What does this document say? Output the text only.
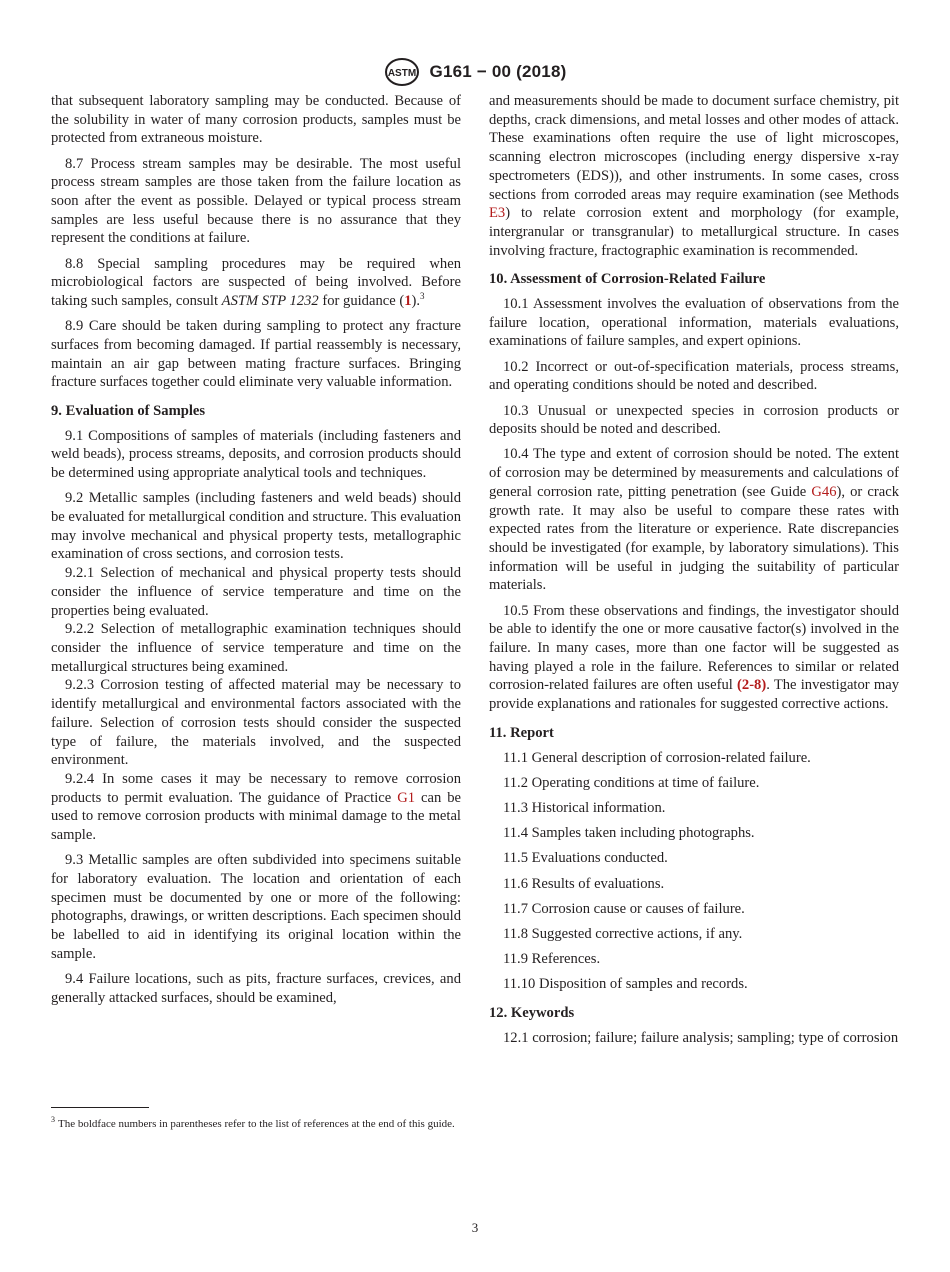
ASTM G161 − 00 (2018)

that subsequent laboratory sampling may be conducted. Because of the solubility in water of many corrosion products, samples must be protected from extraneous moisture.

8.7 Process stream samples may be desirable. The most useful process stream samples are those taken from the failure location as soon after the event as possible. Delayed or typical process stream samples are less useful because there is no assurance that they represent the conditions at failure.

8.8 Special sampling procedures may be required when microbiological factors are suspected of being involved. Before taking such samples, consult ASTM STP 1232 for guidance (1).$^3$

8.9 Care should be taken during sampling to protect any fracture surfaces from becoming damaged. If partial reassembly is necessary, maintain an air gap between mating fracture surfaces. Bringing fracture surfaces together could eliminate very valuable information.

9. Evaluation of Samples

9.1 Compositions of samples of materials (including fasteners and weld beads), process streams, deposits, and corrosion products should be determined using appropriate analytical tools and techniques.

9.2 Metallic samples (including fasteners and weld beads) should be evaluated for metallurgical condition and structure. This evaluation may involve mechanical and physical property tests, metallographic examination of cross sections, and corrosion tests.

9.2.1 Selection of mechanical and physical property tests should consider the influence of service temperature and time on the properties being evaluated.

9.2.2 Selection of metallographic examination techniques should consider the influence of service temperature and time on the metallurgical structures being examined.

9.2.3 Corrosion testing of affected material may be necessary to identify metallurgical and environmental factors associated with the failure. Selection of corrosion tests should consider the suspected type of failure, the materials involved, and the suspected environment.

9.2.4 In some cases it may be necessary to remove corrosion products to permit evaluation. The guidance of Practice G1 can be used to remove corrosion products with minimal damage to the metal sample.

9.3 Metallic samples are often subdivided into specimens suitable for laboratory evaluation. The location and orientation of each specimen must be documented by one or more of the following: photographs, drawings, or written descriptions. Each specimen should be labelled to aid in identifying its original location within the sample.

9.4 Failure locations, such as pits, fracture surfaces, crevices, and generally attacked surfaces, should be examined,

and measurements should be made to document surface chemistry, pit depths, crack dimensions, and metal losses and other modes of attack. These examinations often require the use of light microscopes, scanning electron microscopes (including energy dispersive x-ray spectrometers (EDS)), and other instruments. In some cases, cross sections from corroded areas may require examination (see Methods E3) to relate corrosion extent and morphology (for example, intergranular or transgranular) to metallurgical structure. In cases involving fracture, fractographic examination is recommended.

10. Assessment of Corrosion-Related Failure

10.1 Assessment involves the evaluation of observations from the failure location, operational information, materials evaluations, examinations of failure samples, and expert opinions.

10.2 Incorrect or out-of-specification materials, process streams, and operating conditions should be noted and described.

10.3 Unusual or unexpected species in corrosion products or deposits should be noted and described.

10.4 The type and extent of corrosion should be noted. The extent of corrosion may be determined by measurements and calculations of general corrosion rate, pitting penetration (see Guide G46), or crack growth rate. It may also be useful to compare these rates with expected rates from the literature or experience. Rate discrepancies should be investigated (for example, by laboratory simulations). This information will be useful in judging the suitability of particular materials.

10.5 From these observations and findings, the investigator should be able to identify the one or more causative factor(s) involved in the failure. In many cases, more than one factor will be suggested as having played a role in the failure. References to similar or related corrosion-related failures are often useful (2-8). The investigator may provide explanations and rationales for suggested corrective actions.

11. Report

11.1 General description of corrosion-related failure.

11.2 Operating conditions at time of failure.

11.3 Historical information.

11.4 Samples taken including photographs.

11.5 Evaluations conducted.

11.6 Results of evaluations.

11.7 Corrosion cause or causes of failure.

11.8 Suggested corrective actions, if any.

11.9 References.

11.10 Disposition of samples and records.

12. Keywords

12.1 corrosion; failure; failure analysis; sampling; type of corrosion

$^3$ The boldface numbers in parentheses refer to the list of references at the end of this guide.
3
